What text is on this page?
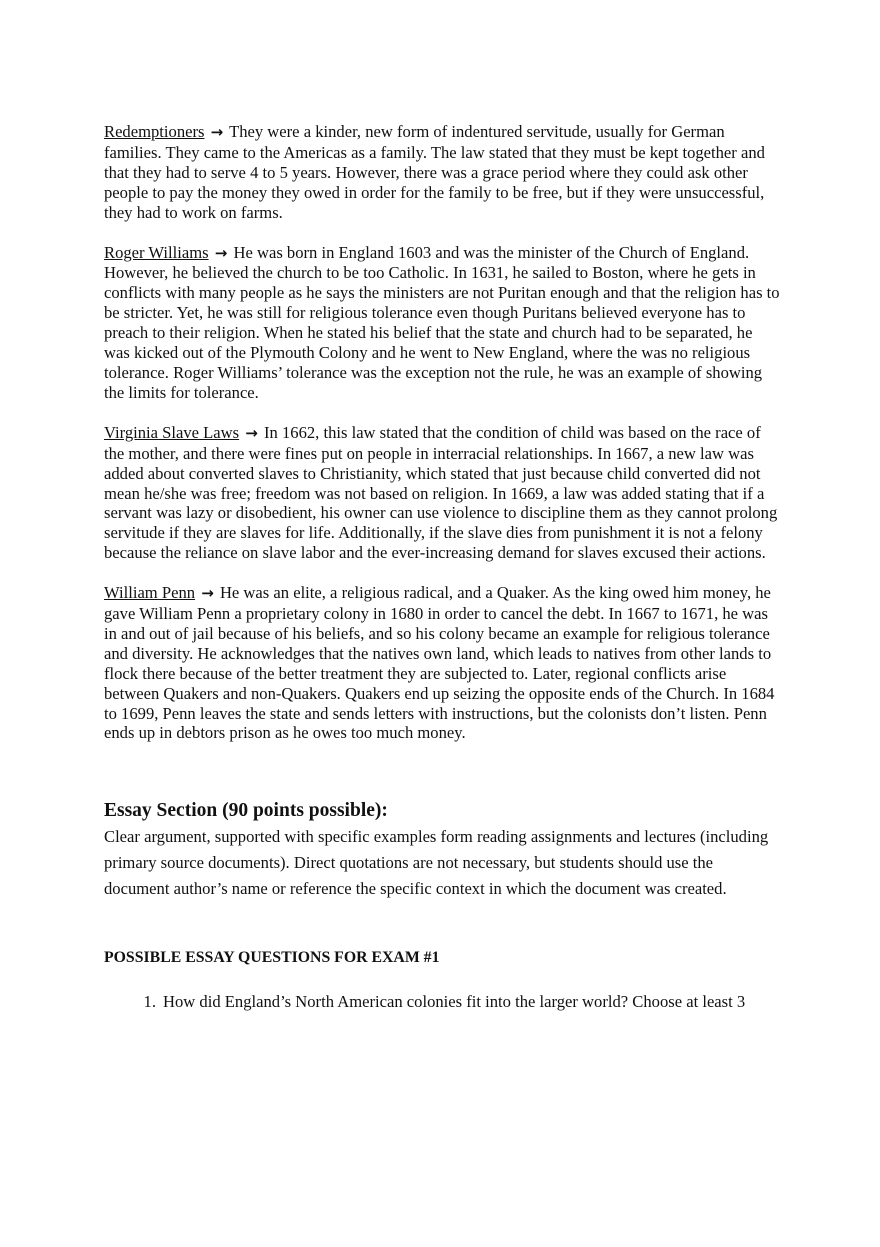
Redemptioners → They were a kinder, new form of indentured servitude, usually for German families. They came to the Americas as a family. The law stated that they must be kept together and that they had to serve 4 to 5 years. However, there was a grace period where they could ask other people to pay the money they owed in order for the family to be free, but if they were unsuccessful, they had to work on farms.

Roger Williams → He was born in England 1603 and was the minister of the Church of England. However, he believed the church to be too Catholic. In 1631, he sailed to Boston, where he gets in conflicts with many people as he says the ministers are not Puritan enough and that the religion has to be stricter. Yet, he was still for religious tolerance even though Puritans believed everyone has to preach to their religion. When he stated his belief that the state and church had to be separated, he was kicked out of the Plymouth Colony and he went to New England, where the was no religious tolerance. Roger Williams’ tolerance was the exception not the rule, he was an example of showing the limits for tolerance.

Virginia Slave Laws → In 1662, this law stated that the condition of child was based on the race of the mother, and there were fines put on people in interracial relationships. In 1667, a new law was added about converted slaves to Christianity, which stated that just because child converted did not mean he/she was free; freedom was not based on religion. In 1669, a law was added stating that if a servant was lazy or disobedient, his owner can use violence to discipline them as they cannot prolong servitude if they are slaves for life. Additionally, if the slave dies from punishment it is not a felony because the reliance on slave labor and the ever-increasing demand for slaves excused their actions.

William Penn → He was an elite, a religious radical, and a Quaker. As the king owed him money, he gave William Penn a proprietary colony in 1680 in order to cancel the debt. In 1667 to 1671, he was in and out of jail because of his beliefs, and so his colony became an example for religious tolerance and diversity. He acknowledges that the natives own land, which leads to natives from other lands to flock there because of the better treatment they are subjected to. Later, regional conflicts arise between Quakers and non-Quakers. Quakers end up seizing the opposite ends of the Church. In 1684 to 1699, Penn leaves the state and sends letters with instructions, but the colonists don’t listen. Penn ends up in debtors prison as he owes too much money.

Essay Section (90 points possible):

Clear argument, supported with specific examples form reading assignments and lectures (including primary source documents). Direct quotations are not necessary, but students should use the document author’s name or reference the specific context in which the document was created.

POSSIBLE ESSAY QUESTIONS FOR EXAM #1
1. How did England’s North American colonies fit into the larger world? Choose at least 3
